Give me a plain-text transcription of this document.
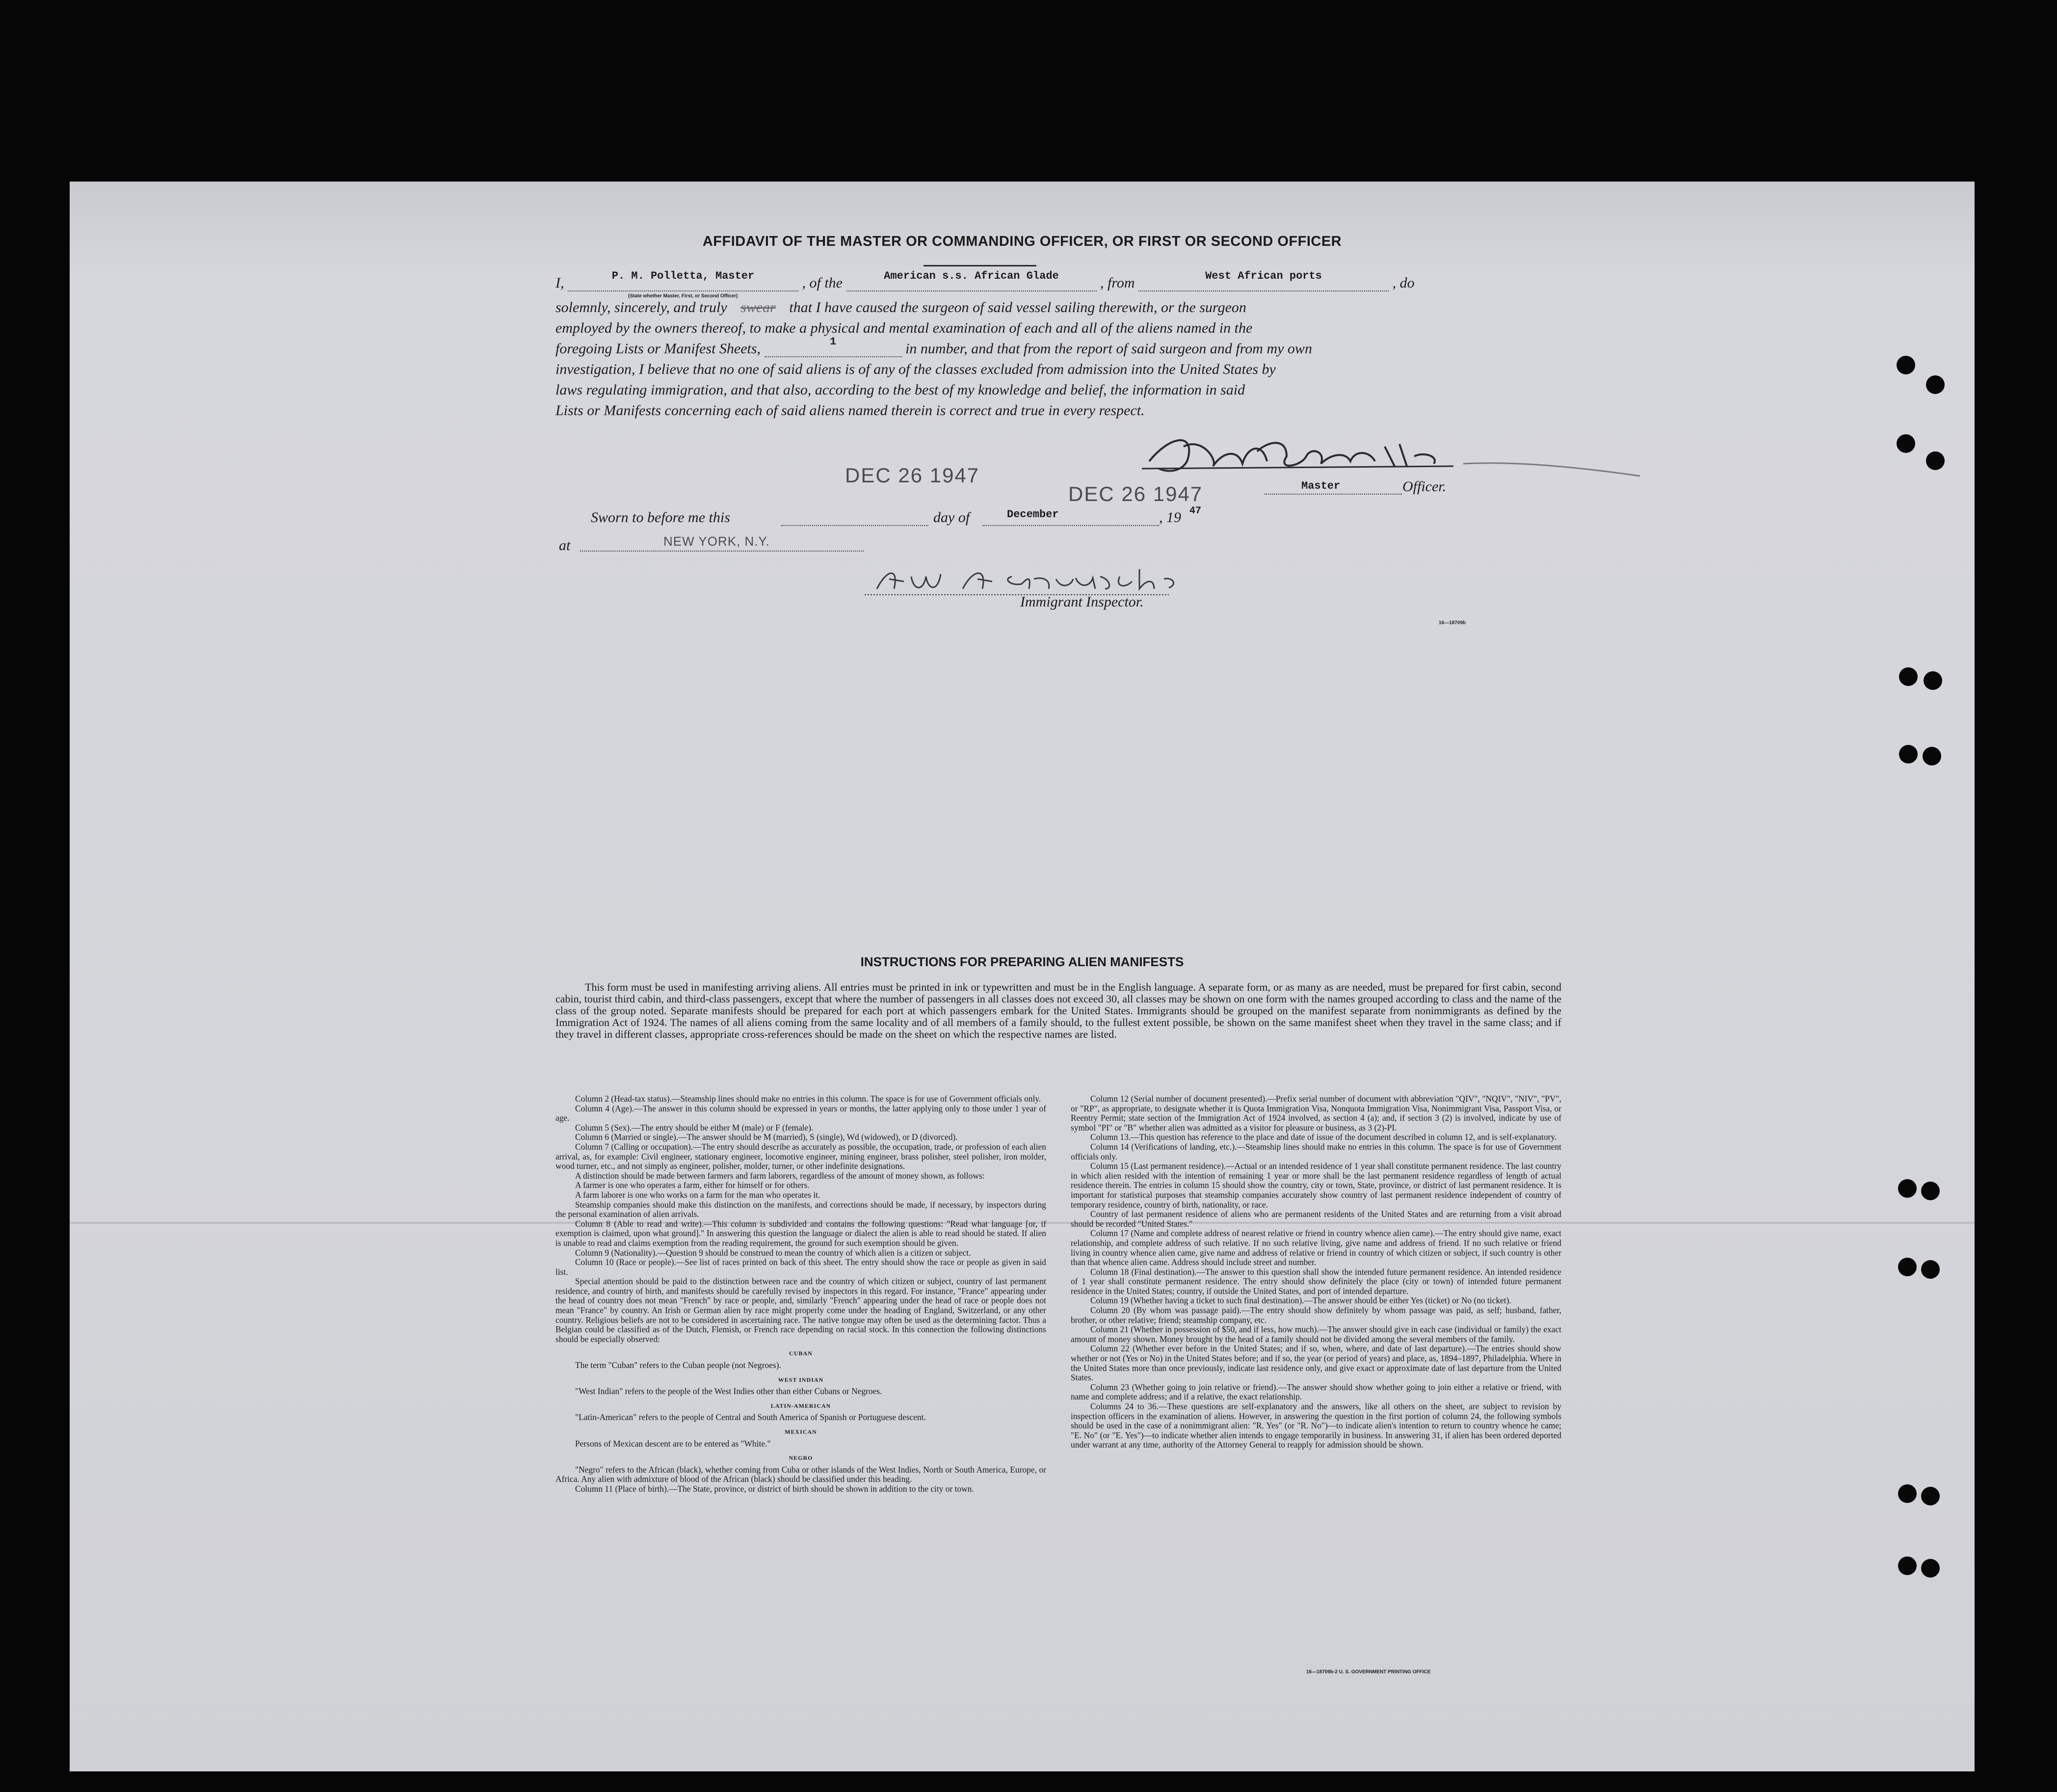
AFFIDAVIT OF THE MASTER OR COMMANDING OFFICER, OR FIRST OR SECOND OFFICER
I,	P. M. Polletta, Master	, of the	American s.s. African Glade	, from	West African ports	, do
(State whether Master, First, or Second Officer)
solemnly, sincerely, and truly swear that I have caused the surgeon of said vessel sailing therewith, or the surgeon
employed by the owners thereof, to make a physical and mental examination of each and all of the aliens named in the
foregoing Lists or Manifest Sheets,	1	in number, and that from the report of said surgeon and from my own
investigation, I believe that no one of said aliens is of any of the classes excluded from admission into the United States by
laws regulating immigration, and that also, according to the best of my knowledge and belief, the information in said
Lists or Manifests concerning each of said aliens named therein is correct and true in every respect.
DEC 26 1947
DEC 26 1947	Master	Officer.
Sworn to before me this	day of	December	, 19 47
at	NEW YORK, N.Y.
Immigrant Inspector.
16—18709b
INSTRUCTIONS FOR PREPARING ALIEN MANIFESTS
This form must be used in manifesting arriving aliens. All entries must be printed in ink or typewritten and must be in the English language. A separate form, or as many as are needed, must be prepared for first cabin, second cabin, tourist third cabin, and third-class passengers, except that where the number of passengers in all classes does not exceed 30, all classes may be shown on one form with the names grouped according to class and the name of the class of the group noted. Separate manifests should be prepared for each port at which passengers embark for the United States. Immigrants should be grouped on the manifest separate from nonimmigrants as defined by the Immigration Act of 1924. The names of all aliens coming from the same locality and of all members of a family should, to the fullest extent possible, be shown on the same manifest sheet when they travel in the same class; and if they travel in different classes, appropriate cross-references should be made on the sheet on which the respective names are listed.

Column 2 (Head-tax status).—Steamship lines should make no entries in this column. The space is for use of Government officials only.

Column 4 (Age).—The answer in this column should be expressed in years or months, the latter applying only to those under 1 year of age.

Column 5 (Sex).—The entry should be either M (male) or F (female).

Column 6 (Married or single).—The answer should be M (married), S (single), Wd (widowed), or D (divorced).

Column 7 (Calling or occupation).—The entry should describe as accurately as possible, the occupation, trade, or profession of each alien arrival, as, for example: Civil engineer, stationary engineer, locomotive engineer, mining engineer, brass polisher, steel polisher, iron molder, wood turner, etc., and not simply as engineer, polisher, molder, turner, or other indefinite designations.

A distinction should be made between farmers and farm laborers, regardless of the amount of money shown, as follows:

A farmer is one who operates a farm, either for himself or for others.

A farm laborer is one who works on a farm for the man who operates it.

Steamship companies should make this distinction on the manifests, and corrections should be made, if necessary, by inspectors during the personal examination of alien arrivals.

Column 8 (Able to read and write).—This column is subdivided and contains the following questions: "Read what language [or, if exemption is claimed, upon what ground]." In answering this question the language or dialect the alien is able to read should be stated. If alien is unable to read and claims exemption from the reading requirement, the ground for such exemption should be given.

Column 9 (Nationality).—Question 9 should be construed to mean the country of which alien is a citizen or subject.

Column 10 (Race or people).—See list of races printed on back of this sheet. The entry should show the race or people as given in said list.

Special attention should be paid to the distinction between race and the country of which citizen or subject, country of last permanent residence, and country of birth, and manifests should be carefully revised by inspectors in this regard. For instance, "France" appearing under the head of country does not mean "French" by race or people, and, similarly "French" appearing under the head of race or people does not mean "France" by country. An Irish or German alien by race might properly come under the heading of England, Switzerland, or any other country. Religious beliefs are not to be considered in ascertaining race. The native tongue may often be used as the determining factor. Thus a Belgian could be classified as of the Dutch, Flemish, or French race depending on racial stock. In this connection the following distinctions should be especially observed:

CUBAN

The term "Cuban" refers to the Cuban people (not Negroes).

WEST INDIAN

"West Indian" refers to the people of the West Indies other than either Cubans or Negroes.

LATIN-AMERICAN

"Latin-American" refers to the people of Central and South America of Spanish or Portuguese descent.

MEXICAN

Persons of Mexican descent are to be entered as "White."

NEGRO

"Negro" refers to the African (black), whether coming from Cuba or other islands of the West Indies, North or South America, Europe, or Africa. Any alien with admixture of blood of the African (black) should be classified under this heading.

Column 11 (Place of birth).—The State, province, or district of birth should be shown in addition to the city or town.

Column 12 (Serial number of document presented).—Prefix serial number of document with abbreviation "QIV", "NQIV", "NIV", "PV", or "RP", as appropriate, to designate whether it is Quota Immigration Visa, Nonquota Immigration Visa, Nonimmigrant Visa, Passport Visa, or Reentry Permit; state section of the Immigration Act of 1924 involved, as section 4 (a); and, if section 3 (2) is involved, indicate by use of symbol "PI" or "B" whether alien was admitted as a visitor for pleasure or business, as 3 (2)-PI.

Column 13.—This question has reference to the place and date of issue of the document described in column 12, and is self-explanatory.

Column 14 (Verifications of landing, etc.).—Steamship lines should make no entries in this column. The space is for use of Government officials only.

Column 15 (Last permanent residence).—Actual or an intended residence of 1 year shall constitute permanent residence. The last country in which alien resided with the intention of remaining 1 year or more shall be the last permanent residence regardless of length of actual residence therein. The entries in column 15 should show the country, city or town, State, province, or district of last permanent residence. It is important for statistical purposes that steamship companies accurately show country of last permanent residence independent of country of temporary residence, country of birth, nationality, or race.

Country of last permanent residence of aliens who are permanent residents of the United States and are returning from a visit abroad should be recorded "United States."

Column 17 (Name and complete address of nearest relative or friend in country whence alien came).—The entry should give name, exact relationship, and complete address of such relative. If no such relative living, give name and address of friend. If no such relative or friend living in country whence alien came, give name and address of relative or friend in country of which citizen or subject, if such country is other than that whence alien came. Address should include street and number.

Column 18 (Final destination).—The answer to this question shall show the intended future permanent residence. An intended residence of 1 year shall constitute permanent residence. The entry should show definitely the place (city or town) of intended future permanent residence in the United States; country, if outside the United States, and port of intended departure.

Column 19 (Whether having a ticket to such final destination).—The answer should be either Yes (ticket) or No (no ticket).

Column 20 (By whom was passage paid).—The entry should show definitely by whom passage was paid, as self; husband, father, brother, or other relative; friend; steamship company, etc.

Column 21 (Whether in possession of $50, and if less, how much).—The answer should give in each case (individual or family) the exact amount of money shown. Money brought by the head of a family should not be divided among the several members of the family.

Column 22 (Whether ever before in the United States; and if so, when, where, and date of last departure).—The entries should show whether or not (Yes or No) in the United States before; and if so, the year (or period of years) and place, as, 1894–1897, Philadelphia. Where in the United States more than once previously, indicate last residence only, and give exact or approximate date of last departure from the United States.

Column 23 (Whether going to join relative or friend).—The answer should show whether going to join either a relative or friend, with name and complete address; and if a relative, the exact relationship.

Columns 24 to 36.—These questions are self-explanatory and the answers, like all others on the sheet, are subject to revision by inspection officers in the examination of aliens. However, in answering the question in the first portion of column 24, the following symbols should be used in the case of a nonimmigrant alien: "R. Yes" (or "R. No")—to indicate alien's intention to return to country whence he came; "E. No" (or "E. Yes")—to indicate whether alien intends to engage temporarily in business. In answering 31, if alien has been ordered deported under warrant at any time, authority of the Attorney General to reapply for admission should be shown.

16—18709b-2 U. S. GOVERNMENT PRINTING OFFICE
